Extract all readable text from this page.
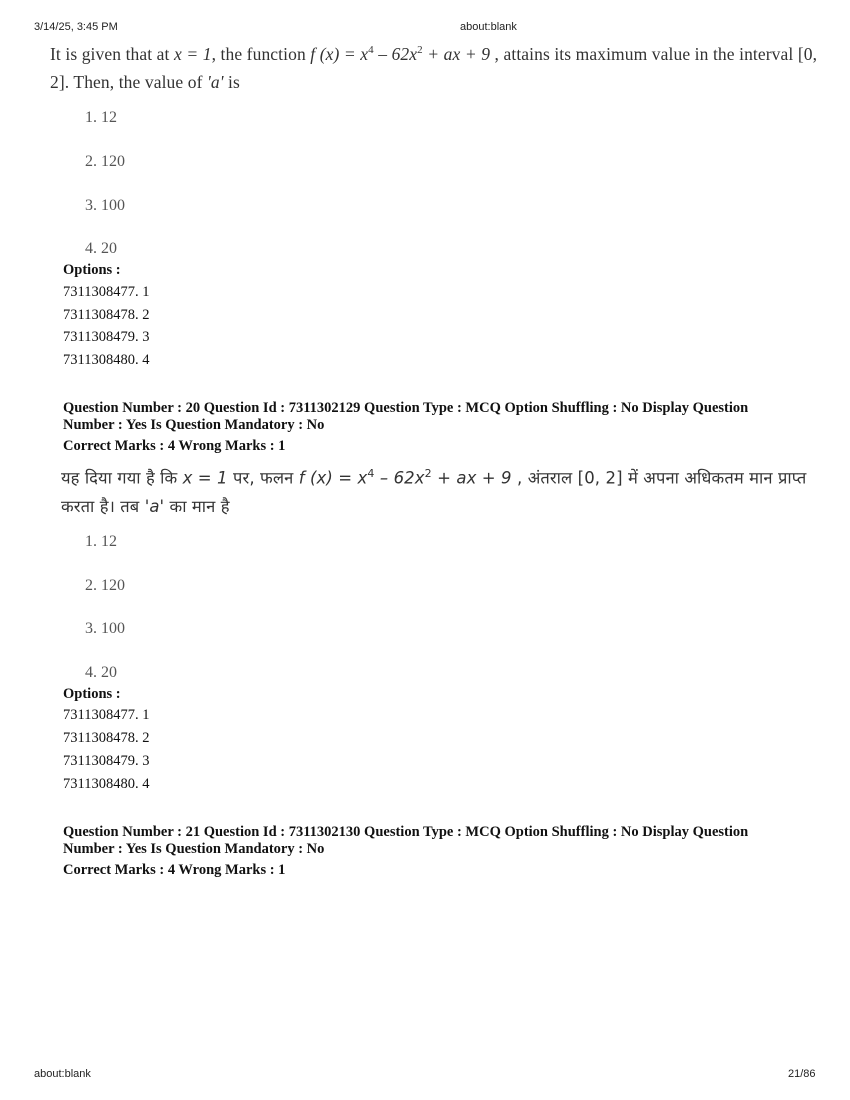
3/14/25, 3:45 PM	about:blank
It is given that at x = 1, the function f $(x) = x^4 - 62x^2$ + ax + 9 , attains its maximum value in the interval [0, 2]. Then, the value of 'a' is
1. 12
2. 120
3. 100
4. 20
Options :
7311308477. 1
7311308478. 2
7311308479. 3
7311308480. 4
Question Number : 20 Question Id : 7311302129 Question Type : MCQ Option Shuffling : No Display Question
Number : Yes Is Question Mandatory : No
Correct Marks : 4 Wrong Marks : 1
यह दिया गया है कि x = 1 पर, फलन f $(x) = x^4 - 62x^2$ + ax + 9 , अंतराल [0, 2] में अपना अधिकतम मान प्राप्त करता है। तब 'a' का मान है
1. 12
2. 120
3. 100
4. 20
Options :
7311308477. 1
7311308478. 2
7311308479. 3
7311308480. 4
Question Number : 21 Question Id : 7311302130 Question Type : MCQ Option Shuffling : No Display Question
Number : Yes Is Question Mandatory : No
Correct Marks : 4 Wrong Marks : 1
about:blank	21/86
